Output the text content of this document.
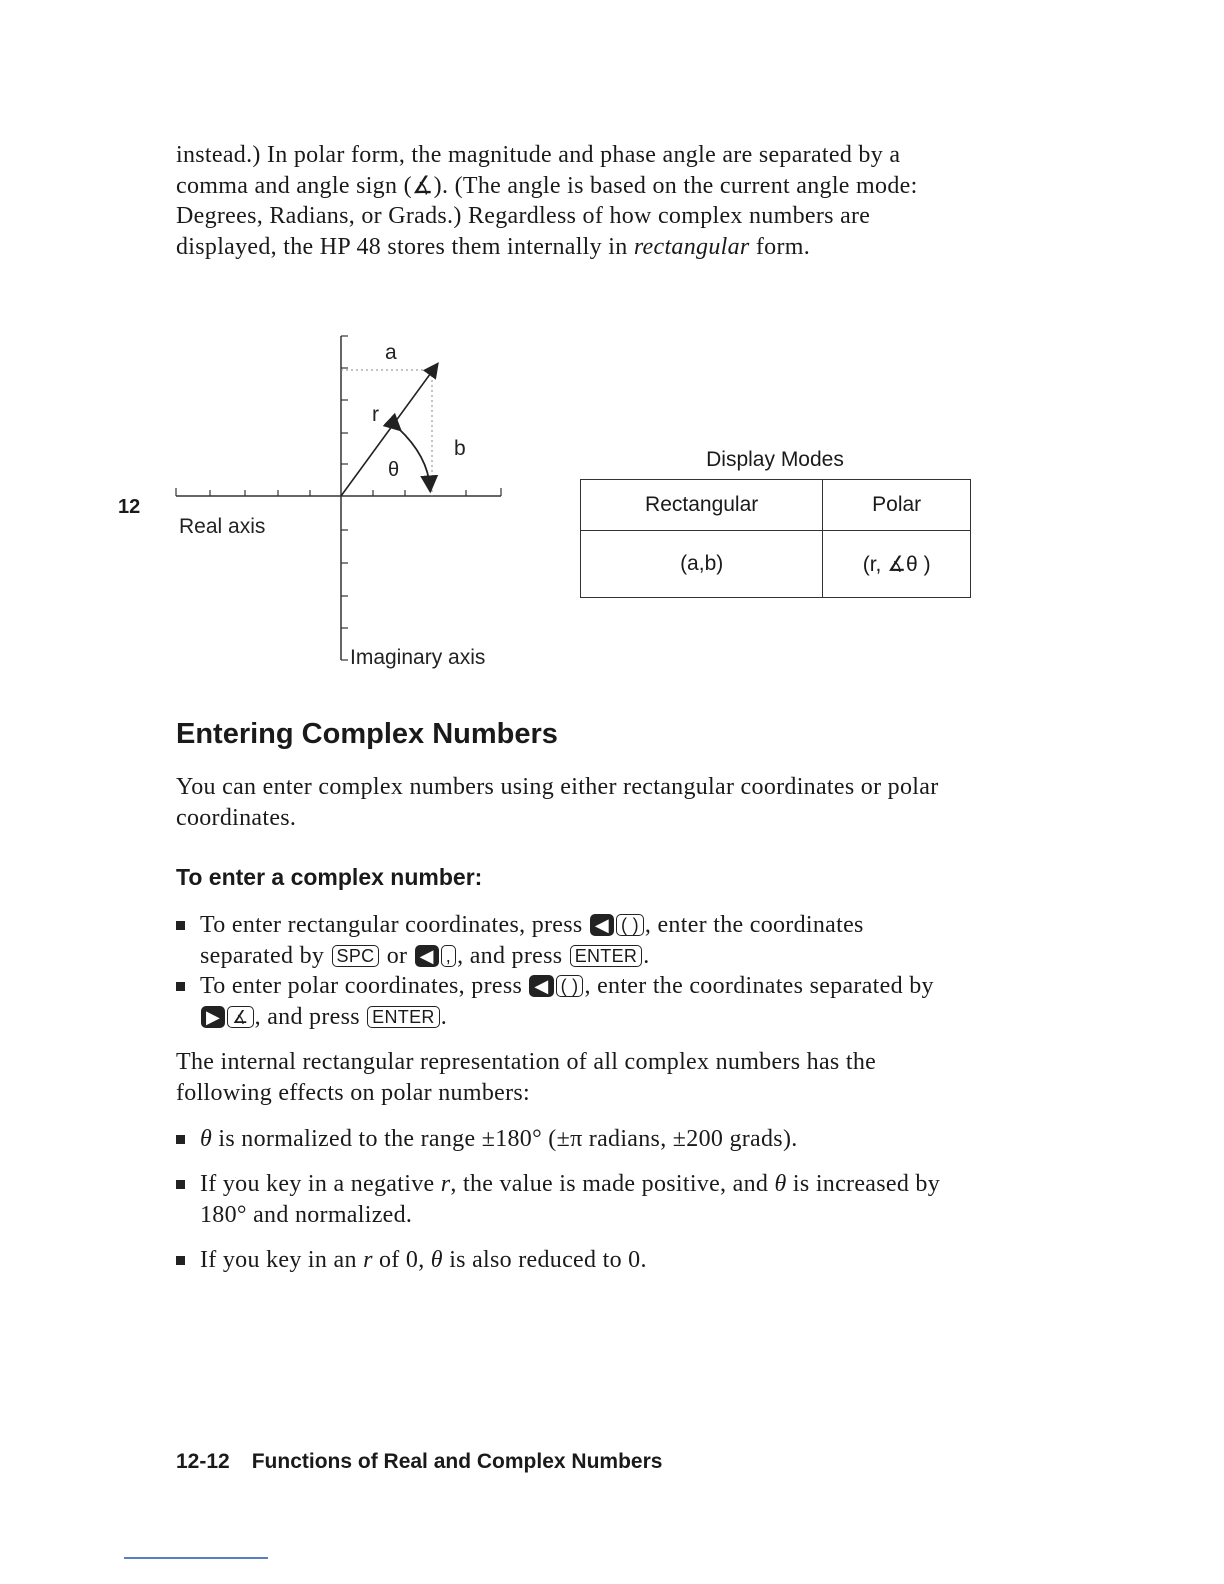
instead.) In polar form, the magnitude and phase angle are separated by a comma and angle sign (∡). (The angle is based on the current angle mode: Degrees, Radians, or Grads.) Regardless of how complex numbers are displayed, the HP 48 stores them internally in rectangular form.

12
a
r
b
θ
Real axis
Imaginary axis
Display Modes
Rectangular	Polar
(a,b)	(r, ∡θ )
Entering Complex Numbers

You can enter complex numbers using either rectangular coordinates or polar coordinates.

To enter a complex number:
To enter rectangular coordinates, press ◀ ( ) , enter the coordinates separated by SPC or ◀ , , and press ENTER .
To enter polar coordinates, press ◀ ( ) , enter the coordinates separated by ▶ ∡ , and press ENTER .

The internal rectangular representation of all complex numbers has the following effects on polar numbers:

θ is normalized to the range ±180° (±π radians, ±200 grads).
If you key in a negative r, the value is made positive, and θ is increased by 180° and normalized.
If you key in an r of 0, θ is also reduced to 0.
12-12 Functions of Real and Complex Numbers
